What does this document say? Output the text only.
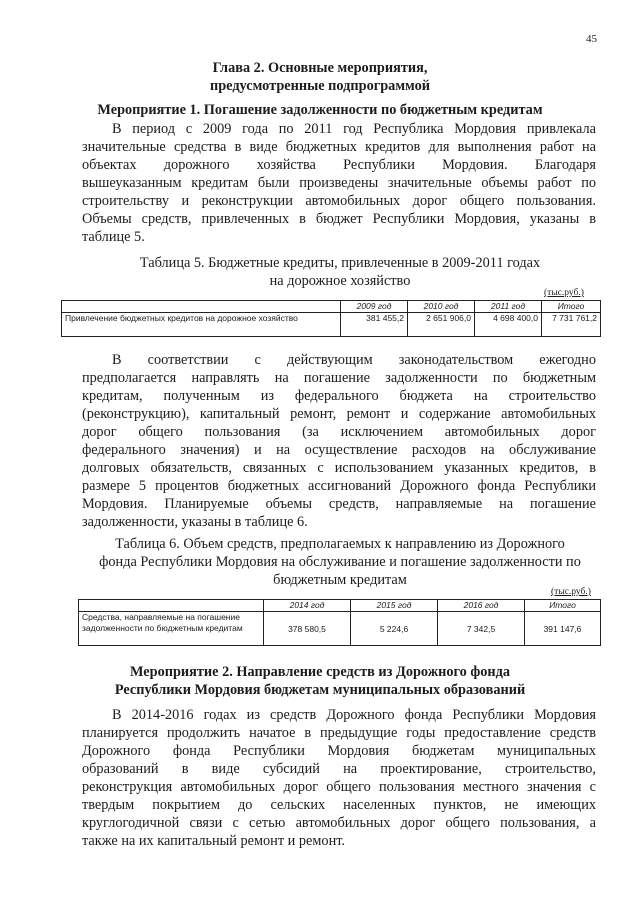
45
Глава 2. Основные мероприятия,
предусмотренные подпрограммой
Мероприятие 1. Погашение задолженности по бюджетным кредитам
В период с 2009 года по 2011 год Республика Мордовия привлекала
значительные средства в виде бюджетных кредитов для выполнения работ на
объектах дорожного хозяйства Республики Мордовия. Благодаря
вышеуказанным кредитам были произведены значительные объемы работ по
строительству и реконструкции автомобильных дорог общего пользования.
Объемы средств, привлеченных в бюджет Республики Мордовия, указаны в
таблице 5.
Таблица 5. Бюджетные кредиты, привлеченные в 2009-2011 годах
на дорожное хозяйство
(тыс.руб.)
	2009 год	2010 год	2011 год	Итого
Привлечение бюджетных кредитов на дорожное хозяйство	381 455,2	2 651 906,0	4 698 400,0	7 731 761,2
В соответствии с действующим законодательством ежегодно
предполагается направлять на погашение задолженности по бюджетным
кредитам, полученным из федерального бюджета на строительство
(реконструкцию), капитальный ремонт, ремонт и содержание автомобильных
дорог общего пользования (за исключением автомобильных дорог
федерального значения) и на осуществление расходов на обслуживание
долговых обязательств, связанных с использованием указанных кредитов, в
размере 5 процентов бюджетных ассигнований Дорожного фонда Республики
Мордовия. Планируемые объемы средств, направляемые на погашение
задолженности, указаны в таблице 6.
Таблица 6. Объем средств, предполагаемых к направлению из Дорожного
фонда Республики Мордовия на обслуживание и погашение задолженности по
бюджетным кредитам
(тыс.руб.)
	2014 год	2015 год	2016 год	Итого
Средства, направляемые на погашение задолженности по бюджетным кредитам	378 580,5	5 224,6	7 342,5	391 147,6
Мероприятие 2. Направление средств из Дорожного фонда
Республики Мордовия бюджетам муниципальных образований
В 2014-2016 годах из средств Дорожного фонда Республики Мордовия
планируется продолжить начатое в предыдущие годы предоставление средств
Дорожного фонда Республики Мордовия бюджетам муниципальных
образований в виде субсидий на проектирование, строительство,
реконструкция автомобильных дорог общего пользования местного значения с
твердым покрытием до сельских населенных пунктов, не имеющих
круглогодичной связи с сетью автомобильных дорог общего пользования, а
также на их капитальный ремонт и ремонт.
